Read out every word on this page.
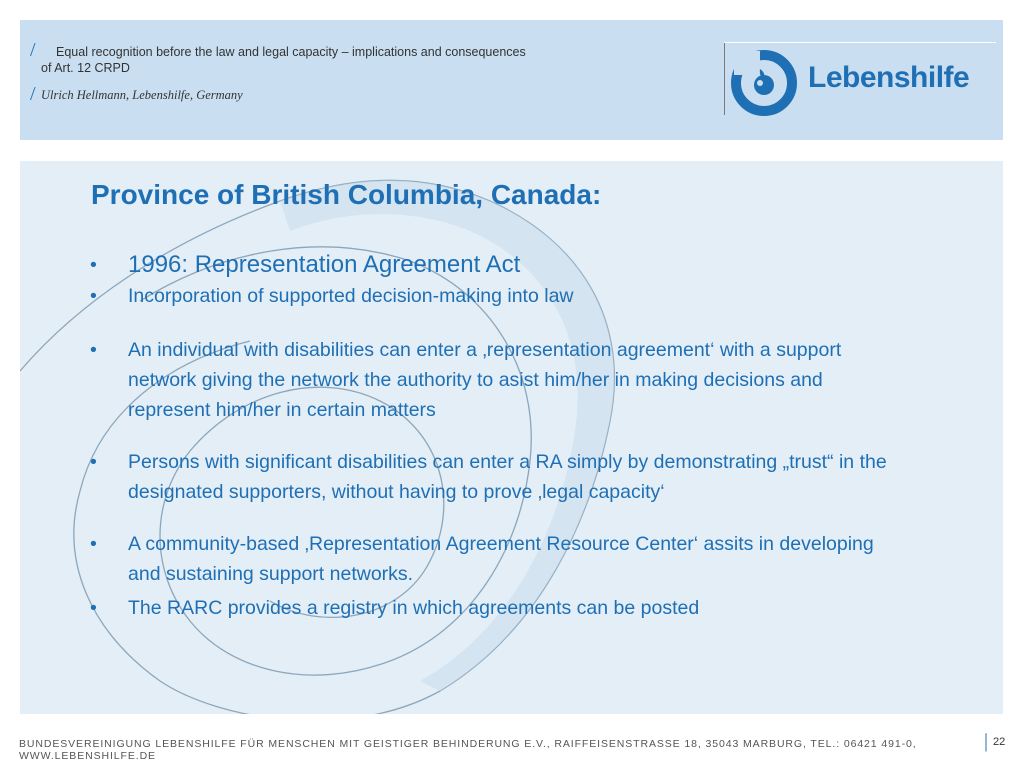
/ Equal recognition before the law and legal capacity – implications and consequences
of Art. 12 CRPD
/ Ulrich Hellmann, Lebenshilfe, Germany
Lebenshilfe
Province of British Columbia, Canada:
• 1996: Representation Agreement Act
• Incorporation of supported decision-making into law
• An individual with disabilities can enter a ‚representation agreement‘ with a support network giving the network the authority to asist him/her in making decisions and represent him/her in certain matters
• Persons with significant disabilities can enter a RA simply by demonstrating „trust“ in the designated supporters, without having to prove ‚legal capacity‘
• A community-based ‚Representation Agreement Resource Center‘ assits in developing and sustaining support networks.
• The RARC provides a registry in which agreements can be posted
BUNDESVEREINIGUNG LEBENSHILFE FÜR MENSCHEN MIT GEISTIGER BEHINDERUNG E.V., RAIFFEISENSTRASSE 18, 35043 MARBURG, TEL.: 06421 491-0, WWW.LEBENSHILFE.DE
| 22
